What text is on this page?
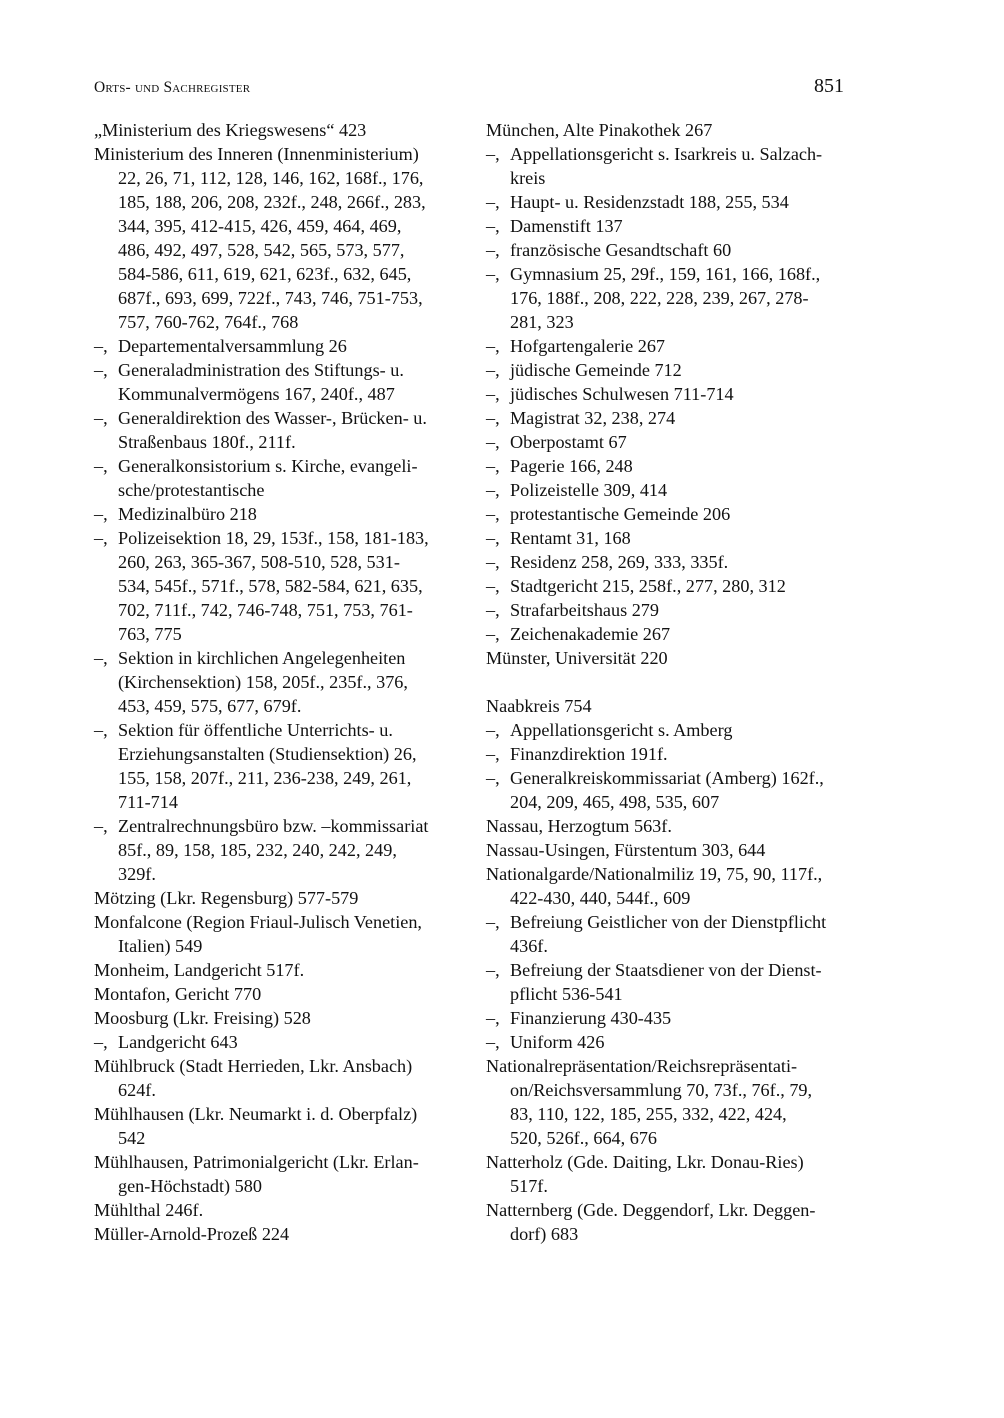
Orts- und Sachregister	851
„Ministerium des Kriegswesens“ 423
Ministerium des Inneren (Innenministerium)
22, 26, 71, 112, 128, 146, 162, 168f., 176,
185, 188, 206, 208, 232f., 248, 266f., 283,
344, 395, 412-415, 426, 459, 464, 469,
486, 492, 497, 528, 542, 565, 573, 577,
584-586, 611, 619, 621, 623f., 632, 645,
687f., 693, 699, 722f., 743, 746, 751-753,
757, 760-762, 764f., 768
–, Departementalversammlung 26
–, Generaladministration des Stiftungs- u.
Kommunalvermögens 167, 240f., 487
–, Generaldirektion des Wasser-, Brücken- u.
Straßenbaus 180f., 211f.
–, Generalkonsistorium s. Kirche, evangeli-
sche/protestantische
–, Medizinalbüro 218
–, Polizeisektion 18, 29, 153f., 158, 181-183,
260, 263, 365-367, 508-510, 528, 531-
534, 545f., 571f., 578, 582-584, 621, 635,
702, 711f., 742, 746-748, 751, 753, 761-
763, 775
–, Sektion in kirchlichen Angelegenheiten
(Kirchensektion) 158, 205f., 235f., 376,
453, 459, 575, 677, 679f.
–, Sektion für öffentliche Unterrichts- u.
Erziehungsanstalten (Studiensektion) 26,
155, 158, 207f., 211, 236-238, 249, 261,
711-714
–, Zentralrechnungsbüro bzw. –kommissariat
85f., 89, 158, 185, 232, 240, 242, 249,
329f.
Mötzing (Lkr. Regensburg) 577-579
Monfalcone (Region Friaul-Julisch Venetien,
Italien) 549
Monheim, Landgericht 517f.
Montafon, Gericht 770
Moosburg (Lkr. Freising) 528
–, Landgericht 643
Mühlbruck (Stadt Herrieden, Lkr. Ansbach)
624f.
Mühlhausen (Lkr. Neumarkt i. d. Oberpfalz)
542
Mühlhausen, Patrimonialgericht (Lkr. Erlan-
gen-Höchstadt) 580
Mühlthal 246f.
Müller-Arnold-Prozeß 224
München, Alte Pinakothek 267
–, Appellationsgericht s. Isarkreis u. Salzach-
kreis
–, Haupt- u. Residenzstadt 188, 255, 534
–, Damenstift 137
–, französische Gesandtschaft 60
–, Gymnasium 25, 29f., 159, 161, 166, 168f.,
176, 188f., 208, 222, 228, 239, 267, 278-
281, 323
–, Hofgartengalerie 267
–, jüdische Gemeinde 712
–, jüdisches Schulwesen 711-714
–, Magistrat 32, 238, 274
–, Oberpostamt 67
–, Pagerie 166, 248
–, Polizeistelle 309, 414
–, protestantische Gemeinde 206
–, Rentamt 31, 168
–, Residenz 258, 269, 333, 335f.
–, Stadtgericht 215, 258f., 277, 280, 312
–, Strafarbeitshaus 279
–, Zeichenakademie 267
Münster, Universität 220
Naabkreis 754
–, Appellationsgericht s. Amberg
–, Finanzdirektion 191f.
–, Generalkreiskommissariat (Amberg) 162f.,
204, 209, 465, 498, 535, 607
Nassau, Herzogtum 563f.
Nassau-Usingen, Fürstentum 303, 644
Nationalgarde/Nationalmiliz 19, 75, 90, 117f.,
422-430, 440, 544f., 609
–, Befreiung Geistlicher von der Dienstpflicht
436f.
–, Befreiung der Staatsdiener von der Dienst-
pflicht 536-541
–, Finanzierung 430-435
–, Uniform 426
Nationalrepräsentation/Reichsrepräsentati-
on/Reichsversammlung 70, 73f., 76f., 79,
83, 110, 122, 185, 255, 332, 422, 424,
520, 526f., 664, 676
Natterholz (Gde. Daiting, Lkr. Donau-Ries)
517f.
Natternberg (Gde. Deggendorf, Lkr. Deggen-
dorf) 683
